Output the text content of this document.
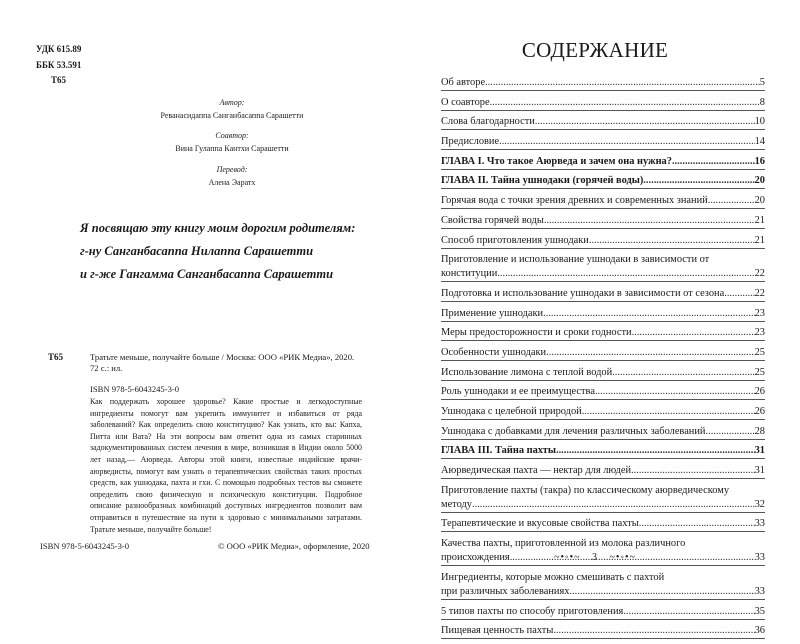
УДК 615.89
ББК 53.591
Т65
Автор:
Реванасидаппа Санганбасаппа Сарашетти
Соавтор:
Вина Гулаппа Кантхи Сарашетти
Перевод:
Алена Эаратх
Я посвящаю эту книгу моим дорогим родителям:
г-ну Санганбасаппа Нилаппа Сарашетти
и г-же Гангамма Санганбасаппа Сарашетти
Т65	Тратьте меньше, получайте больше / Москва: ООО «РИК Медиа», 2020. 72 с.: ил.
ISBN 978-5-6043245-3-0
Как поддержать хорошее здоровье? Какие простые и легкодоступные ингредиенты помогут вам укрепить иммунитет и избавиться от ряда заболеваний? Как определить свою конституцию? Как узнать, кто вы: Капха, Питта или Вата? На эти вопросы вам ответит одна из самых старинных задокументированных систем лечения в мире, возникшая в Индии около 5000 лет назад,— Аюрведа. Авторы этой книги, известные индийские врачи-аюрведисты, помогут вам узнать о терапевтических свойствах таких простых средств, как ушнодака, пахта и гхи. С помощью подробных тестов вы сможете определить свою физическую и психическую конституции. Подробное описание разнообразных комбинаций доступных ингредиентов позволит вам отправиться в путешествие на пути к здоровью с минимальными затратами. Тратьте меньше, получайте больше!
ISBN 978-5-6043245-3-0	© ООО «РИК Медиа», оформление, 2020
СОДЕРЖАНИЕ
Об авторе .....	5
О соавторе .....	8
Слова благодарности .....	10
Предисловие .....	14
ГЛАВА I. Что такое Аюрведа и зачем она нужна? .....	16
ГЛАВА II. Тайна ушнодаки (горячей воды) .....	20
Горячая вода с точки зрения древних и современных знаний .....	20
Свойства горячей воды .....	21
Способ приготовления ушнодаки .....	21
Приготовление и использование ушнодаки в зависимости от
конституции .....	22
Подготовка и использование ушнодаки в зависимости от сезона .....	22
Применение ушнодаки .....	23
Меры предосторожности и сроки годности .....	23
Особенности ушнодаки .....	25
Использование лимона с теплой водой .....	25
Роль ушнодаки и ее преимущества .....	26
Ушнодака с целебной природой .....	26
Ушнодака с добавками для лечения различных заболеваний .....	28
ГЛАВА III. Тайна пахты .....	31
Аюрведическая пахта — нектар для людей .....	31
Приготовление пахты (такра) по классическому аюрведическому
методу .....	32
Терапевтические и вкусовые свойства пахты .....	33
Качества пахты, приготовленной из молока различного
происхождения .....	33
Ингредиенты, которые можно смешивать с пахтой
при различных заболеваниях .....	33
5 типов пахты по способу приготовления .....	35
Пищевая ценность пахты .....	36
~•◦•~ 3 ~•◦•~
